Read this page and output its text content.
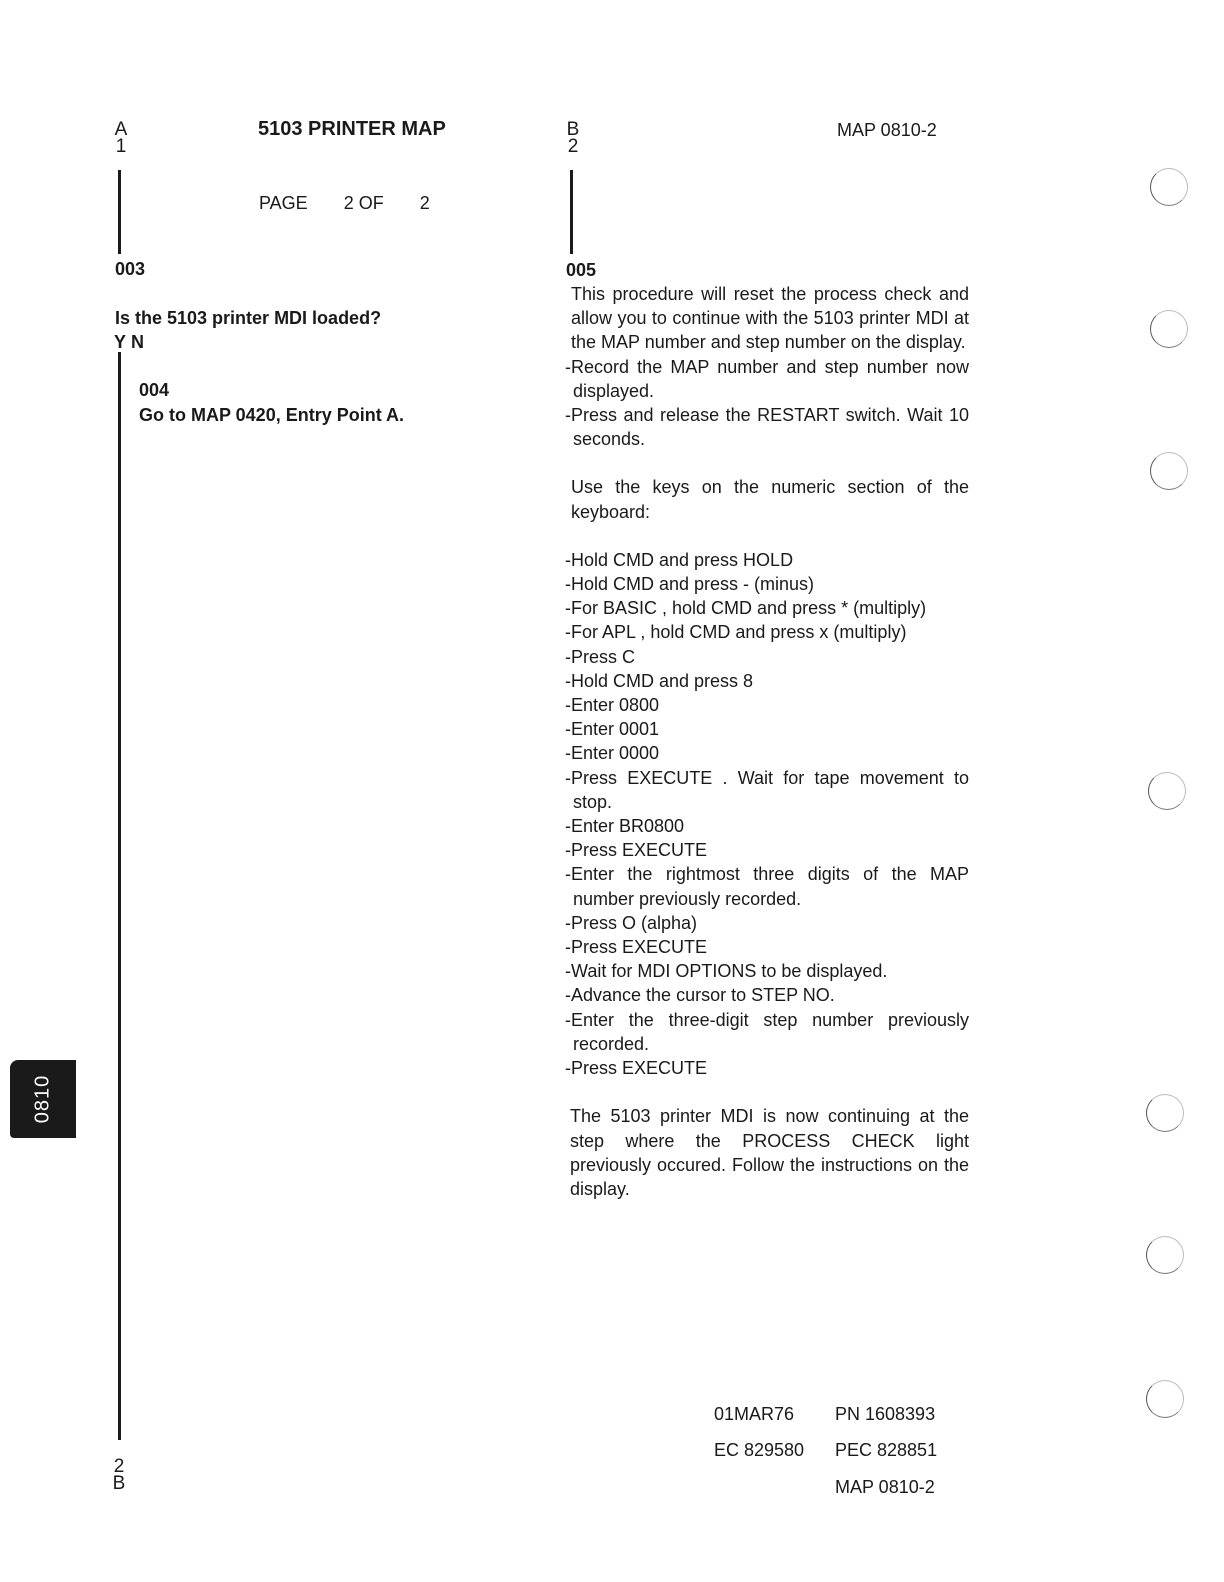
A
1
5103 PRINTER MAP
PAGE 2 OF 2
003
Is the 5103 printer MDI loaded?
Y N
004
Go to MAP 0420, Entry Point A.
2
B
B
2
MAP 0810-2
005
This procedure will reset the process check and allow you to continue with the 5103 printer MDI at the MAP number and step number on the display.
-Record the MAP number and step number now displayed.
-Press and release the RESTART switch. Wait 10 seconds.
Use the keys on the numeric section of the keyboard:
-Hold CMD and press HOLD
-Hold CMD and press - (minus)
-For BASIC , hold CMD and press * (multiply)
-For APL , hold CMD and press x (multiply)
-Press C
-Hold CMD and press 8
-Enter 0800
-Enter 0001
-Enter 0000
-Press EXECUTE . Wait for tape movement to stop.
-Enter BR0800
-Press EXECUTE
-Enter the rightmost three digits of the MAP number previously recorded.
-Press O (alpha)
-Press EXECUTE
-Wait for MDI OPTIONS to be displayed.
-Advance the cursor to STEP NO.
-Enter the three-digit step number previously recorded.
-Press EXECUTE
The 5103 printer MDI is now continuing at the step where the PROCESS CHECK light previously occured. Follow the instructions on the display.
01MAR76 PN 1608393
EC 829580 PEC 828851
MAP 0810-2
0810
